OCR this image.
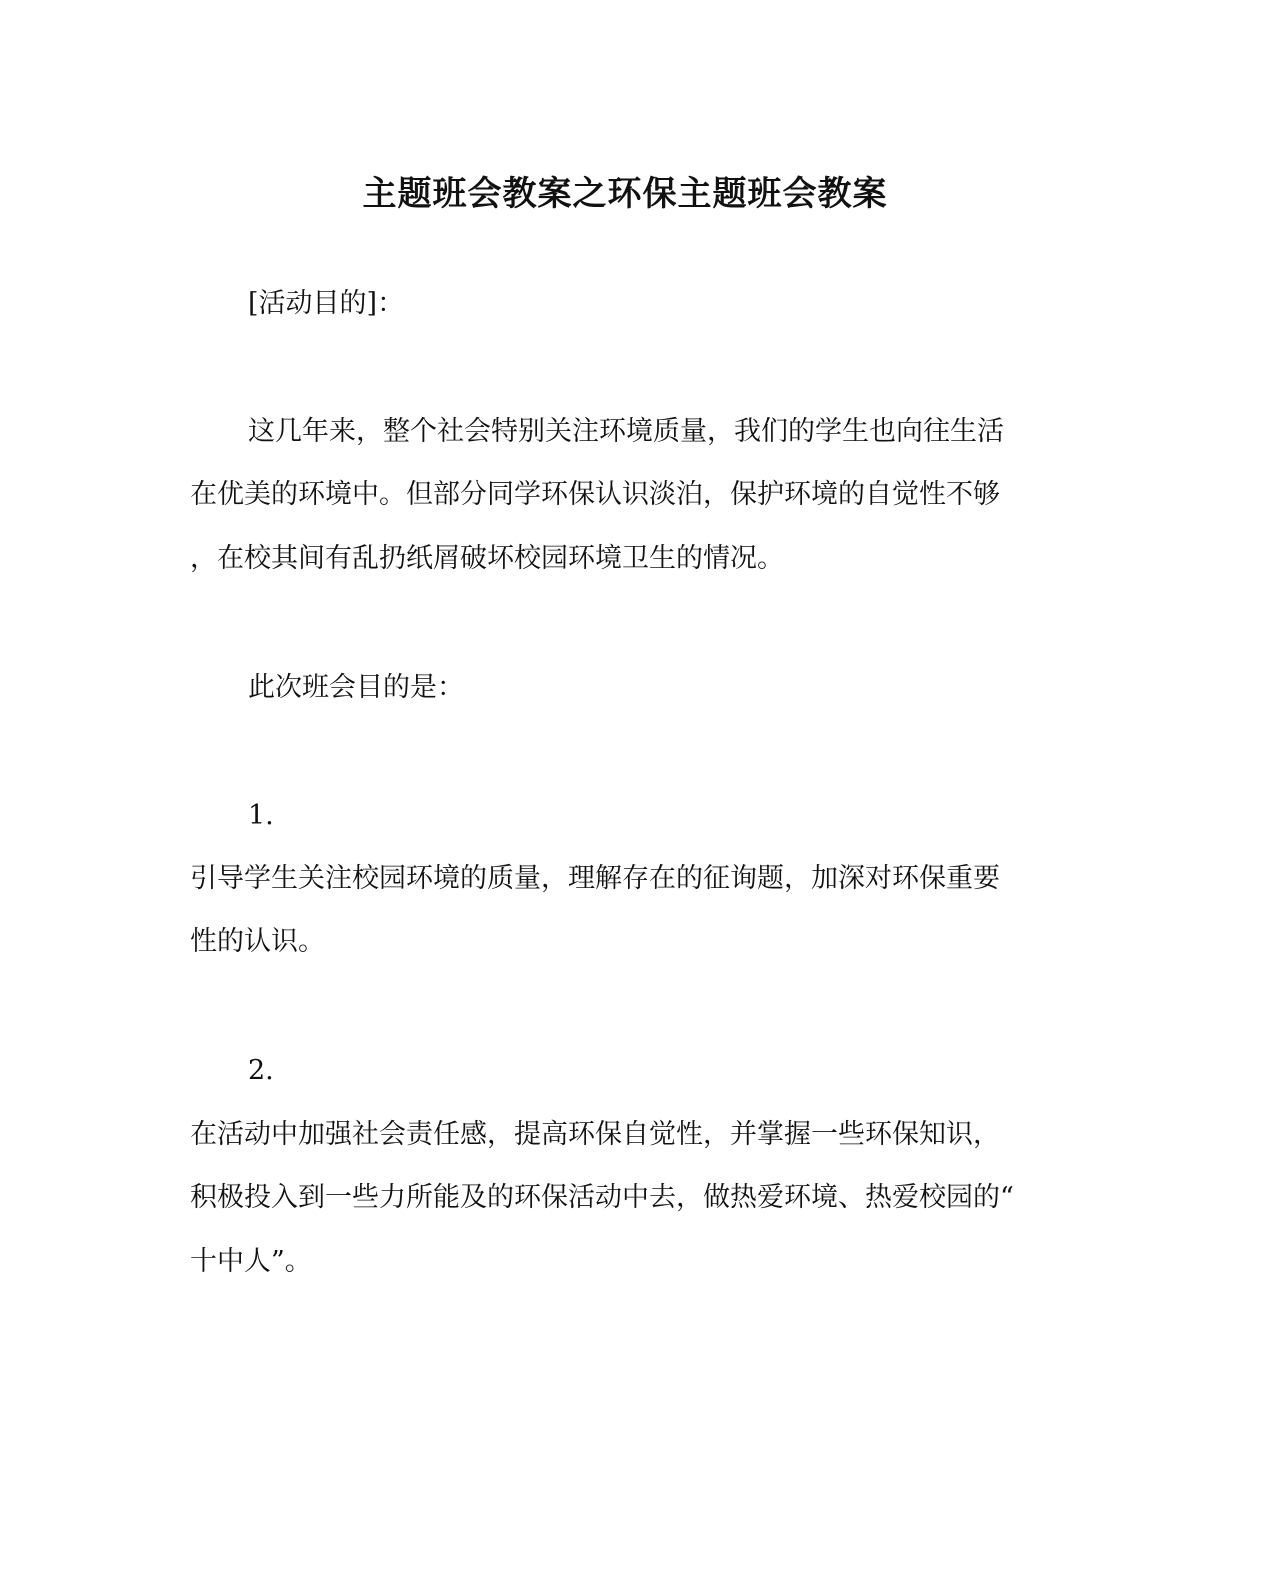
主题班会教案之环保主题班会教案

[活动目的]：

这几年来，整个社会特别关注环境质量，我们的学生也向往生活

在优美的环境中。但部分同学环保认识淡泊，保护环境的自觉性不够

，在校其间有乱扔纸屑破坏校园环境卫生的情况。

此次班会目的是：

1.

引导学生关注校园环境的质量，理解存在的征询题，加深对环保重要

性的认识。

2.

在活动中加强社会责任感，提高环保自觉性，并掌握一些环保知识，

积极投入到一些力所能及的环保活动中去，做热爱环境、热爱校园的“

十中人”。
